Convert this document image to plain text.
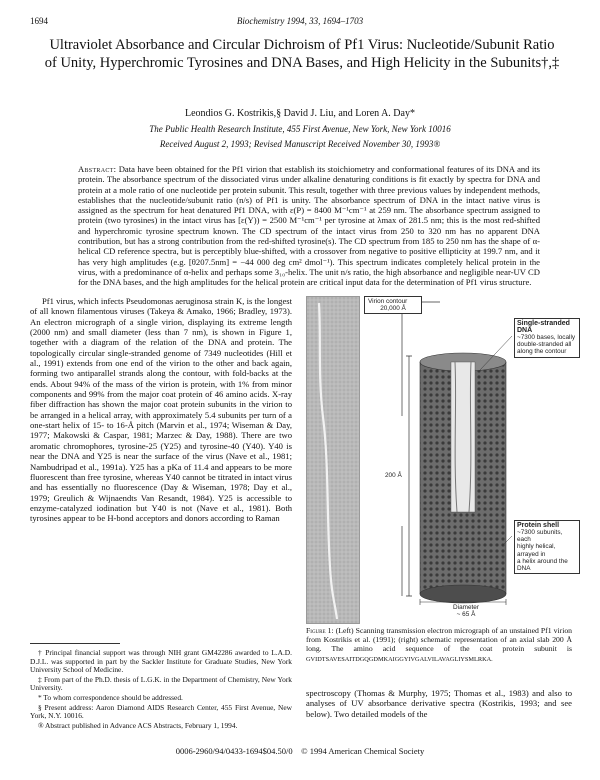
1694	Biochemistry 1994, 33, 1694–1703
Ultraviolet Absorbance and Circular Dichroism of Pf1 Virus: Nucleotide/Subunit Ratio of Unity, Hyperchromic Tyrosines and DNA Bases, and High Helicity in the Subunits†,‡
Leondios G. Kostrikis,§ David J. Liu, and Loren A. Day*
The Public Health Research Institute, 455 First Avenue, New York, New York 10016
Received August 2, 1993; Revised Manuscript Received November 30, 1993®
Abstract: Data have been obtained for the Pf1 virion that establish its stoichiometry and conformational features of its DNA and its protein. The absorbance spectrum of the dissociated virus under alkaline denaturing conditions is fit exactly by spectra for DNA and protein at a mole ratio of one nucleotide per protein subunit. This result, together with three previous values by independent methods, establishes that the nucleotide/subunit ratio (n/s) of Pf1 is unity. The absorbance spectrum of DNA in the intact native virus is assigned as the spectrum for heat denatured Pf1 DNA, with ε(P) = 8400 M⁻¹cm⁻¹ at 259 nm. The absorbance spectrum assigned to protein (two tyrosines) in the intact virus has [ε(Y)) = 2500 M⁻¹cm⁻¹ per tyrosine at λmax of 281.5 nm; this is the most red-shifted and hyperchromic tyrosine spectrum known. The CD spectrum of the intact virus from 250 to 320 nm has no apparent DNA contribution, but has a strong contribution from the red-shifted tyrosine(s). The CD spectrum from 185 to 250 nm has the shape of α-helical CD reference spectra, but is perceptibly blue-shifted, with a crossover from negative to positive ellipticity at 199.7 nm, and it has very high amplitudes (e.g. [θ207.5nm] = −44 000 deg cm² dmol⁻¹). This spectrum indicates completely helical protein in the virus, with a predominance of α-helix and perhaps some 3₁₀-helix. The unit n/s ratio, the high absorbance and negligible near-UV CD for the DNA bases, and the high amplitudes for the helical protein are critical input data for the determination of Pf1 virus structure.
Pf1 virus, which infects Pseudomonas aeruginosa strain K, is the longest of all known filamentous viruses (Takeya & Amako, 1966; Bradley, 1973). An electron micrograph of a single virion, displaying its extreme length (2000 nm) and small diameter (less than 7 nm), is shown in Figure 1, together with a diagram of the relation of the DNA and protein. The topologically circular single-stranded genome of 7349 nucleotides (Hill et al., 1991) extends from one end of the virion to the other and back again, forming two antiparallel strands along the contour, with fold-backs at the ends. About 94% of the mass of the virion is protein, with 1% from minor components and 99% from the major coat protein of 46 amino acids. X-ray fiber diffraction has shown the major coat protein subunits in the virion to be arranged in a helical array, with approximately 5.4 subunits per turn of a one-start helix of 15- to 16-Å pitch (Marvin et al., 1974; Wiseman & Day, 1977; Makowski & Caspar, 1981; Marzec & Day, 1988). There are two aromatic chromophores, tyrosine-25 (Y25) and tyrosine-40 (Y40). Y40 is near the DNA and Y25 is near the surface of the virus (Nave et al., 1981; Nambudripad et al., 1991a). Y25 has a pKa of 11.4 and appears to be more fluorescent than free tyrosine, whereas Y40 cannot be titrated in intact virus and has essentially no fluorescence (Day & Wiseman, 1978; Day et al., 1979; Greulich & Wijnaendts Van Resandt, 1984). Y25 is accessible to enzyme-catalyzed iodination but Y40 is not (Nave et al., 1981). Both tyrosines appear to be H-bond acceptors and donors according to Raman

† Principal financial support was through NIH grant GM42286 awarded to L.A.D. D.J.L. was supported in part by the Sackler Institute for Graduate Studies, New York University School of Medicine.

‡ From part of the Ph.D. thesis of L.G.K. in the Department of Chemistry, New York University.

* To whom correspondence should be addressed.

§ Present address: Aaron Diamond AIDS Research Center, 455 First Avenue, New York, N.Y. 10016.

® Abstract published in Advance ACS Abstracts, February 1, 1994.

Virion contour
20,000 Å
Single-stranded DNA
~7300 bases, locally
double-stranded all
along the contour
200 Å
Protein shell
~7300 subunits, each
highly helical, arrayed in
a helix around the DNA
Diameter
~ 65 Å
Figure 1: (Left) Scanning transmission electron micrograph of an unstained Pf1 virion from Kostrikis et al. (1991); (right) schematic representation of an axial slab 200 Å long. The amino acid sequence of the coat protein subunit is GVIDTSAVESAITDGQGDMKAIGGYIVGALVILAVAGLIYSMLRKA.
spectroscopy (Thomas & Murphy, 1975; Thomas et al., 1983) and also to analyses of UV absorbance derivative spectra (Kostrikis, 1993; and see below). Two detailed models of the
0006-2960/94/0433-1694$04.50/0 © 1994 American Chemical Society
